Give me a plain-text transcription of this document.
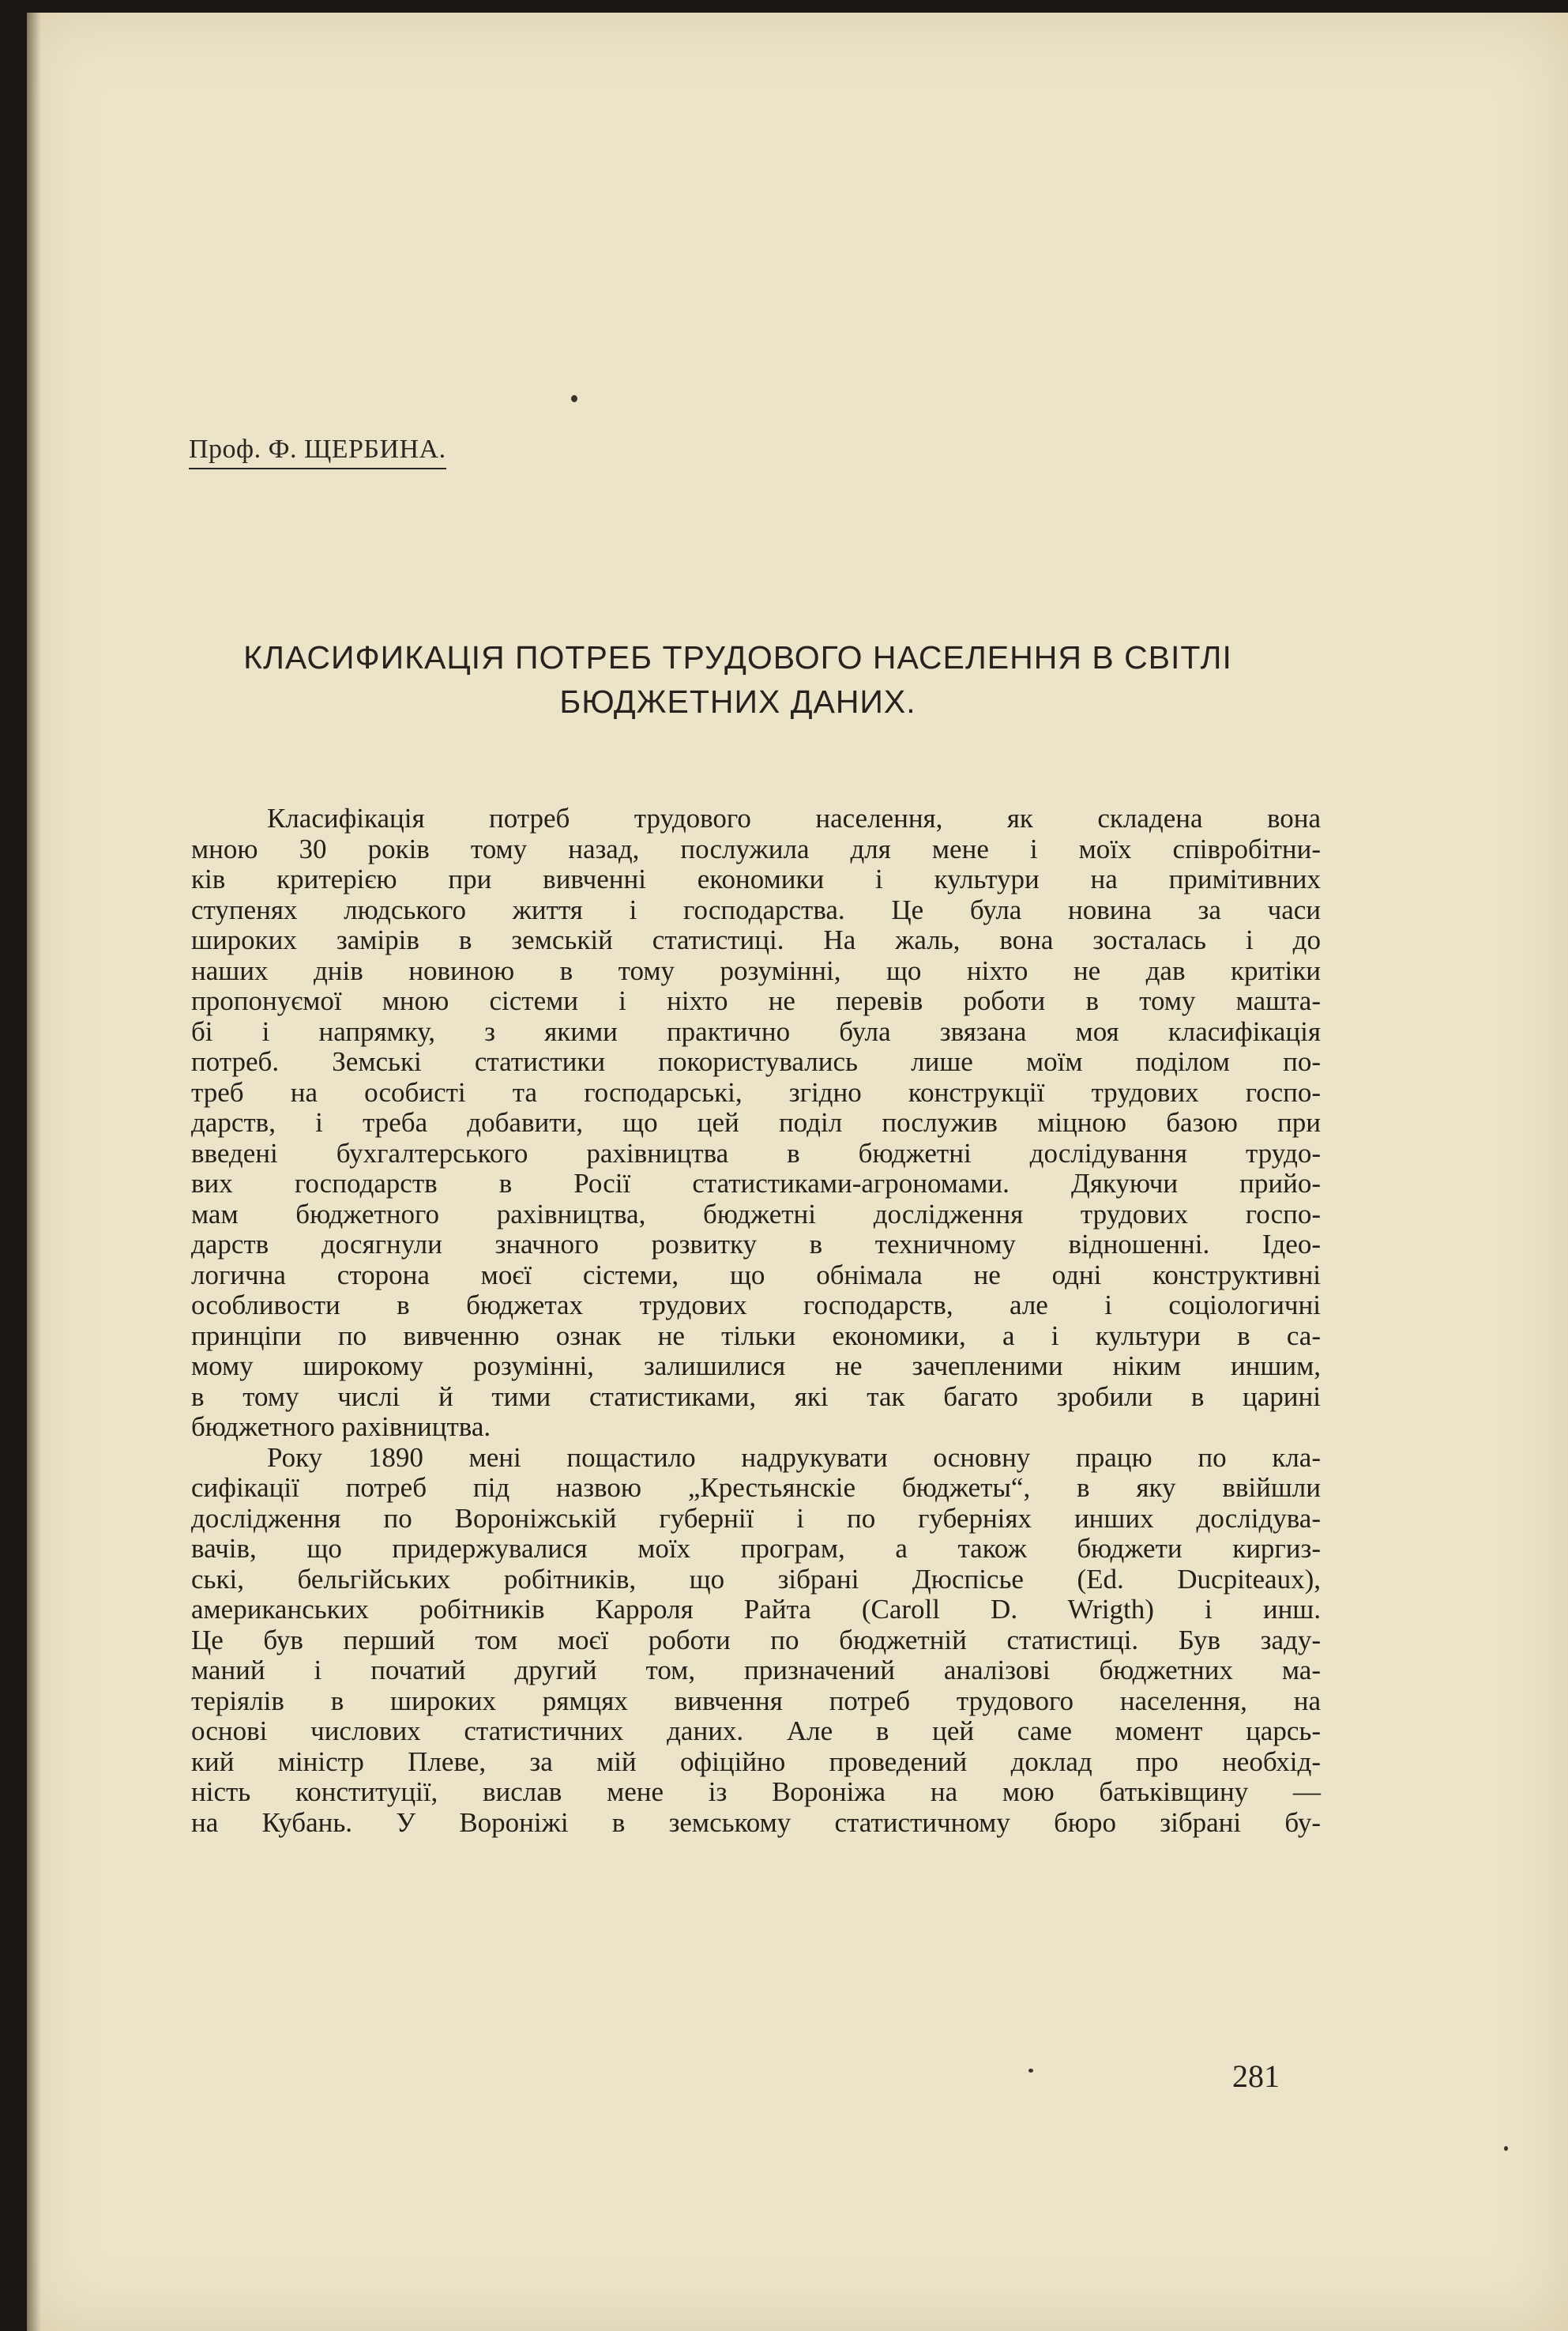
Проф. Ф. ЩЕРБИНА.

КЛАСИФИКАЦІЯ ПОТРЕБ ТРУДОВОГО НАСЕЛЕННЯ В СВІТЛІ
БЮДЖЕТНИХ ДАНИХ.

Класифікація потреб трудового населення, як складена вона

мною 30 років тому назад, послужила для мене і моїх співробітни-

ків критерією при вивченні економики і культури на примітивних

ступенях людського життя і господарства. Це була новина за часи

широких замірів в земській статистиці. На жаль, вона зосталась і до

наших днів новиною в тому розумінні, що ніхто не дав критіки

пропонуємої мною сістеми і ніхто не перевів роботи в тому машта-

бі і напрямку, з якими практично була звязана моя класифікація

потреб. Земські статистики покористувались лише моїм поділом по-

треб на особисті та господарські, згідно конструкції трудових госпо-

дарств, і треба добавити, що цей поділ послужив міцною базою при

введені бухгалтерського рахівництва в бюджетні дослідування трудо-

вих господарств в Росії статистиками-агрономами. Дякуючи прийо-

мам бюджетного рахівництва, бюджетні дослідження трудових госпо-

дарств досягнули значного розвитку в техничному відношенні. Ідео-

логична сторона моєї сістеми, що обнімала не одні конструктивні

особливости в бюджетах трудових господарств, але і соціологичні

принціпи по вивченню ознак не тільки економики, а і культури в са-

мому широкому розумінні, залишилися не зачепленими ніким иншим,

в тому числі й тими статистиками, які так багато зробили в царині

бюджетного рахівництва.

Року 1890 мені пощастило надрукувати основну працю по кла-

сифікації потреб під назвою „Крестьянскіе бюджеты“, в яку ввійшли

дослідження по Вороніжській губернії і по губерніях инших дослідува-

вачів, що придержувалися моїх програм, а також бюджети киргиз-

ські, бельгійських робітників, що зібрані Дюспісье (Ed. Ducpiteaux),

американських робітників Карроля Райта (Caroll D. Wrigth) і инш.

Це був перший том моєї роботи по бюджетній статистиці. Був заду-

маний і початий другий том, призначений аналізові бюджетних ма-

теріялів в широких рямцях вивчення потреб трудового населення, на

основі числових статистичних даних. Але в цей саме момент царсь-

кий міністр Плеве, за мій офіційно проведений доклад про необхід-

ність конституції, вислав мене із Вороніжа на мою батьківщину —

на Кубань. У Вороніжі в земському статистичному бюро зібрані бу-

281
